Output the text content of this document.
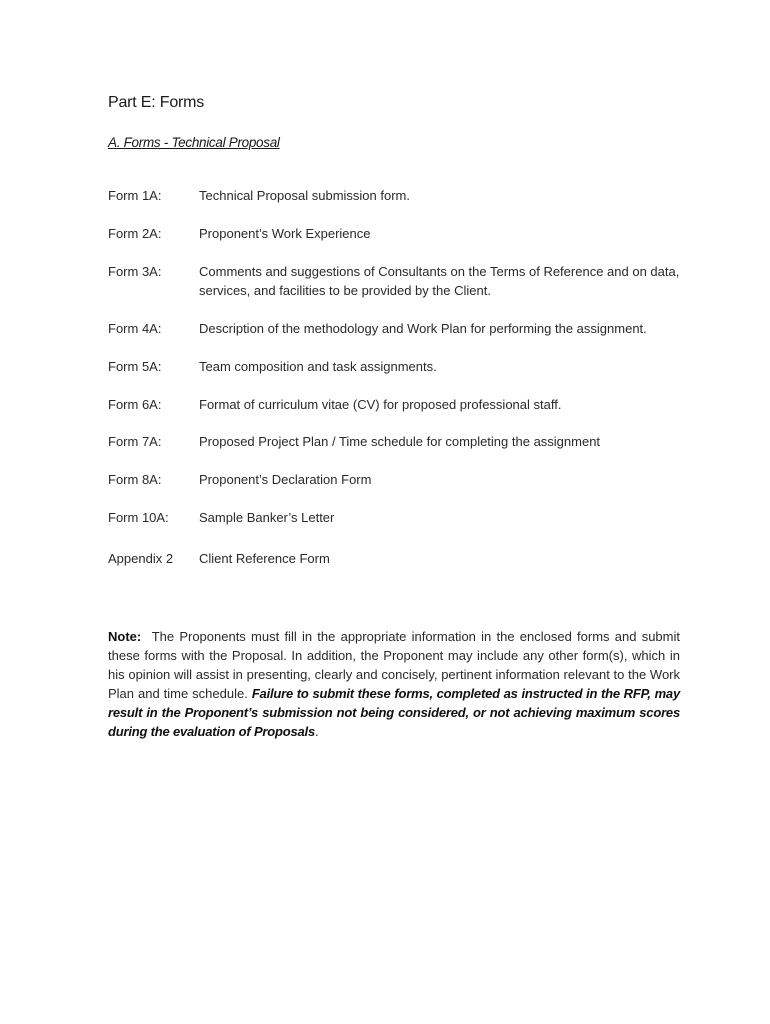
Part E: Forms
A. Forms - Technical Proposal
Form 1A:	Technical Proposal submission form.
Form 2A:	Proponent’s Work Experience
Form 3A:	Comments and suggestions of Consultants on the Terms of Reference and on data, services, and facilities to be provided by the Client.
Form 4A:	Description of the methodology and Work Plan for performing the assignment.
Form 5A:	Team composition and task assignments.
Form 6A:	Format of curriculum vitae (CV) for proposed professional staff.
Form 7A:	Proposed Project Plan / Time schedule for completing the assignment
Form 8A:	Proponent’s Declaration Form
Form 10A:	Sample Banker’s Letter
Appendix 2	Client Reference Form
Note: The Proponents must fill in the appropriate information in the enclosed forms and submit these forms with the Proposal. In addition, the Proponent may include any other form(s), which in his opinion will assist in presenting, clearly and concisely, pertinent information relevant to the Work Plan and time schedule. Failure to submit these forms, completed as instructed in the RFP, may result in the Proponent’s submission not being considered, or not achieving maximum scores during the evaluation of Proposals.
